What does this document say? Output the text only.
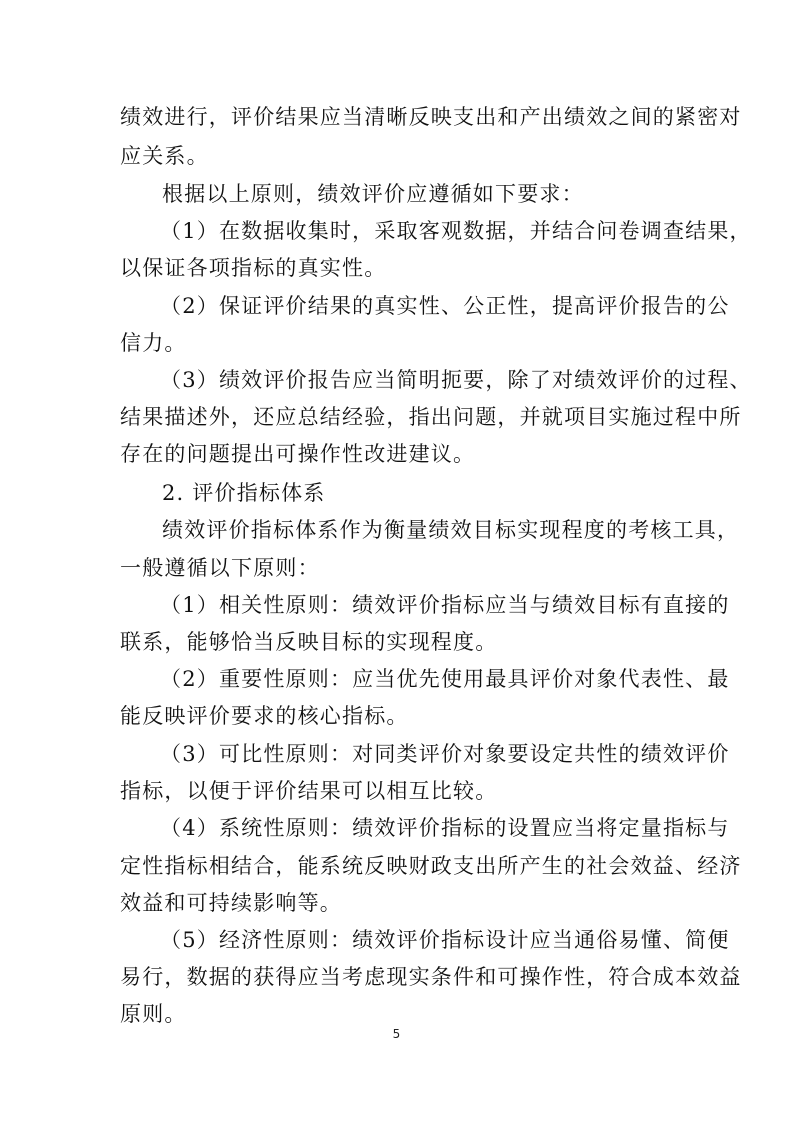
绩效进行，评价结果应当清晰反映支出和产出绩效之间的紧密对
应关系。
根据以上原则，绩效评价应遵循如下要求：
（1）在数据收集时，采取客观数据，并结合问卷调查结果，
以保证各项指标的真实性。
（2）保证评价结果的真实性、公正性，提高评价报告的公
信力。
（3）绩效评价报告应当简明扼要，除了对绩效评价的过程、
结果描述外，还应总结经验，指出问题，并就项目实施过程中所
存在的问题提出可操作性改进建议。
2. 评价指标体系
绩效评价指标体系作为衡量绩效目标实现程度的考核工具，
一般遵循以下原则：
（1）相关性原则：绩效评价指标应当与绩效目标有直接的
联系，能够恰当反映目标的实现程度。
（2）重要性原则：应当优先使用最具评价对象代表性、最
能反映评价要求的核心指标。
（3）可比性原则：对同类评价对象要设定共性的绩效评价
指标，以便于评价结果可以相互比较。
（4）系统性原则：绩效评价指标的设置应当将定量指标与
定性指标相结合，能系统反映财政支出所产生的社会效益、经济
效益和可持续影响等。
（5）经济性原则：绩效评价指标设计应当通俗易懂、简便
易行，数据的获得应当考虑现实条件和可操作性，符合成本效益
原则。
5
